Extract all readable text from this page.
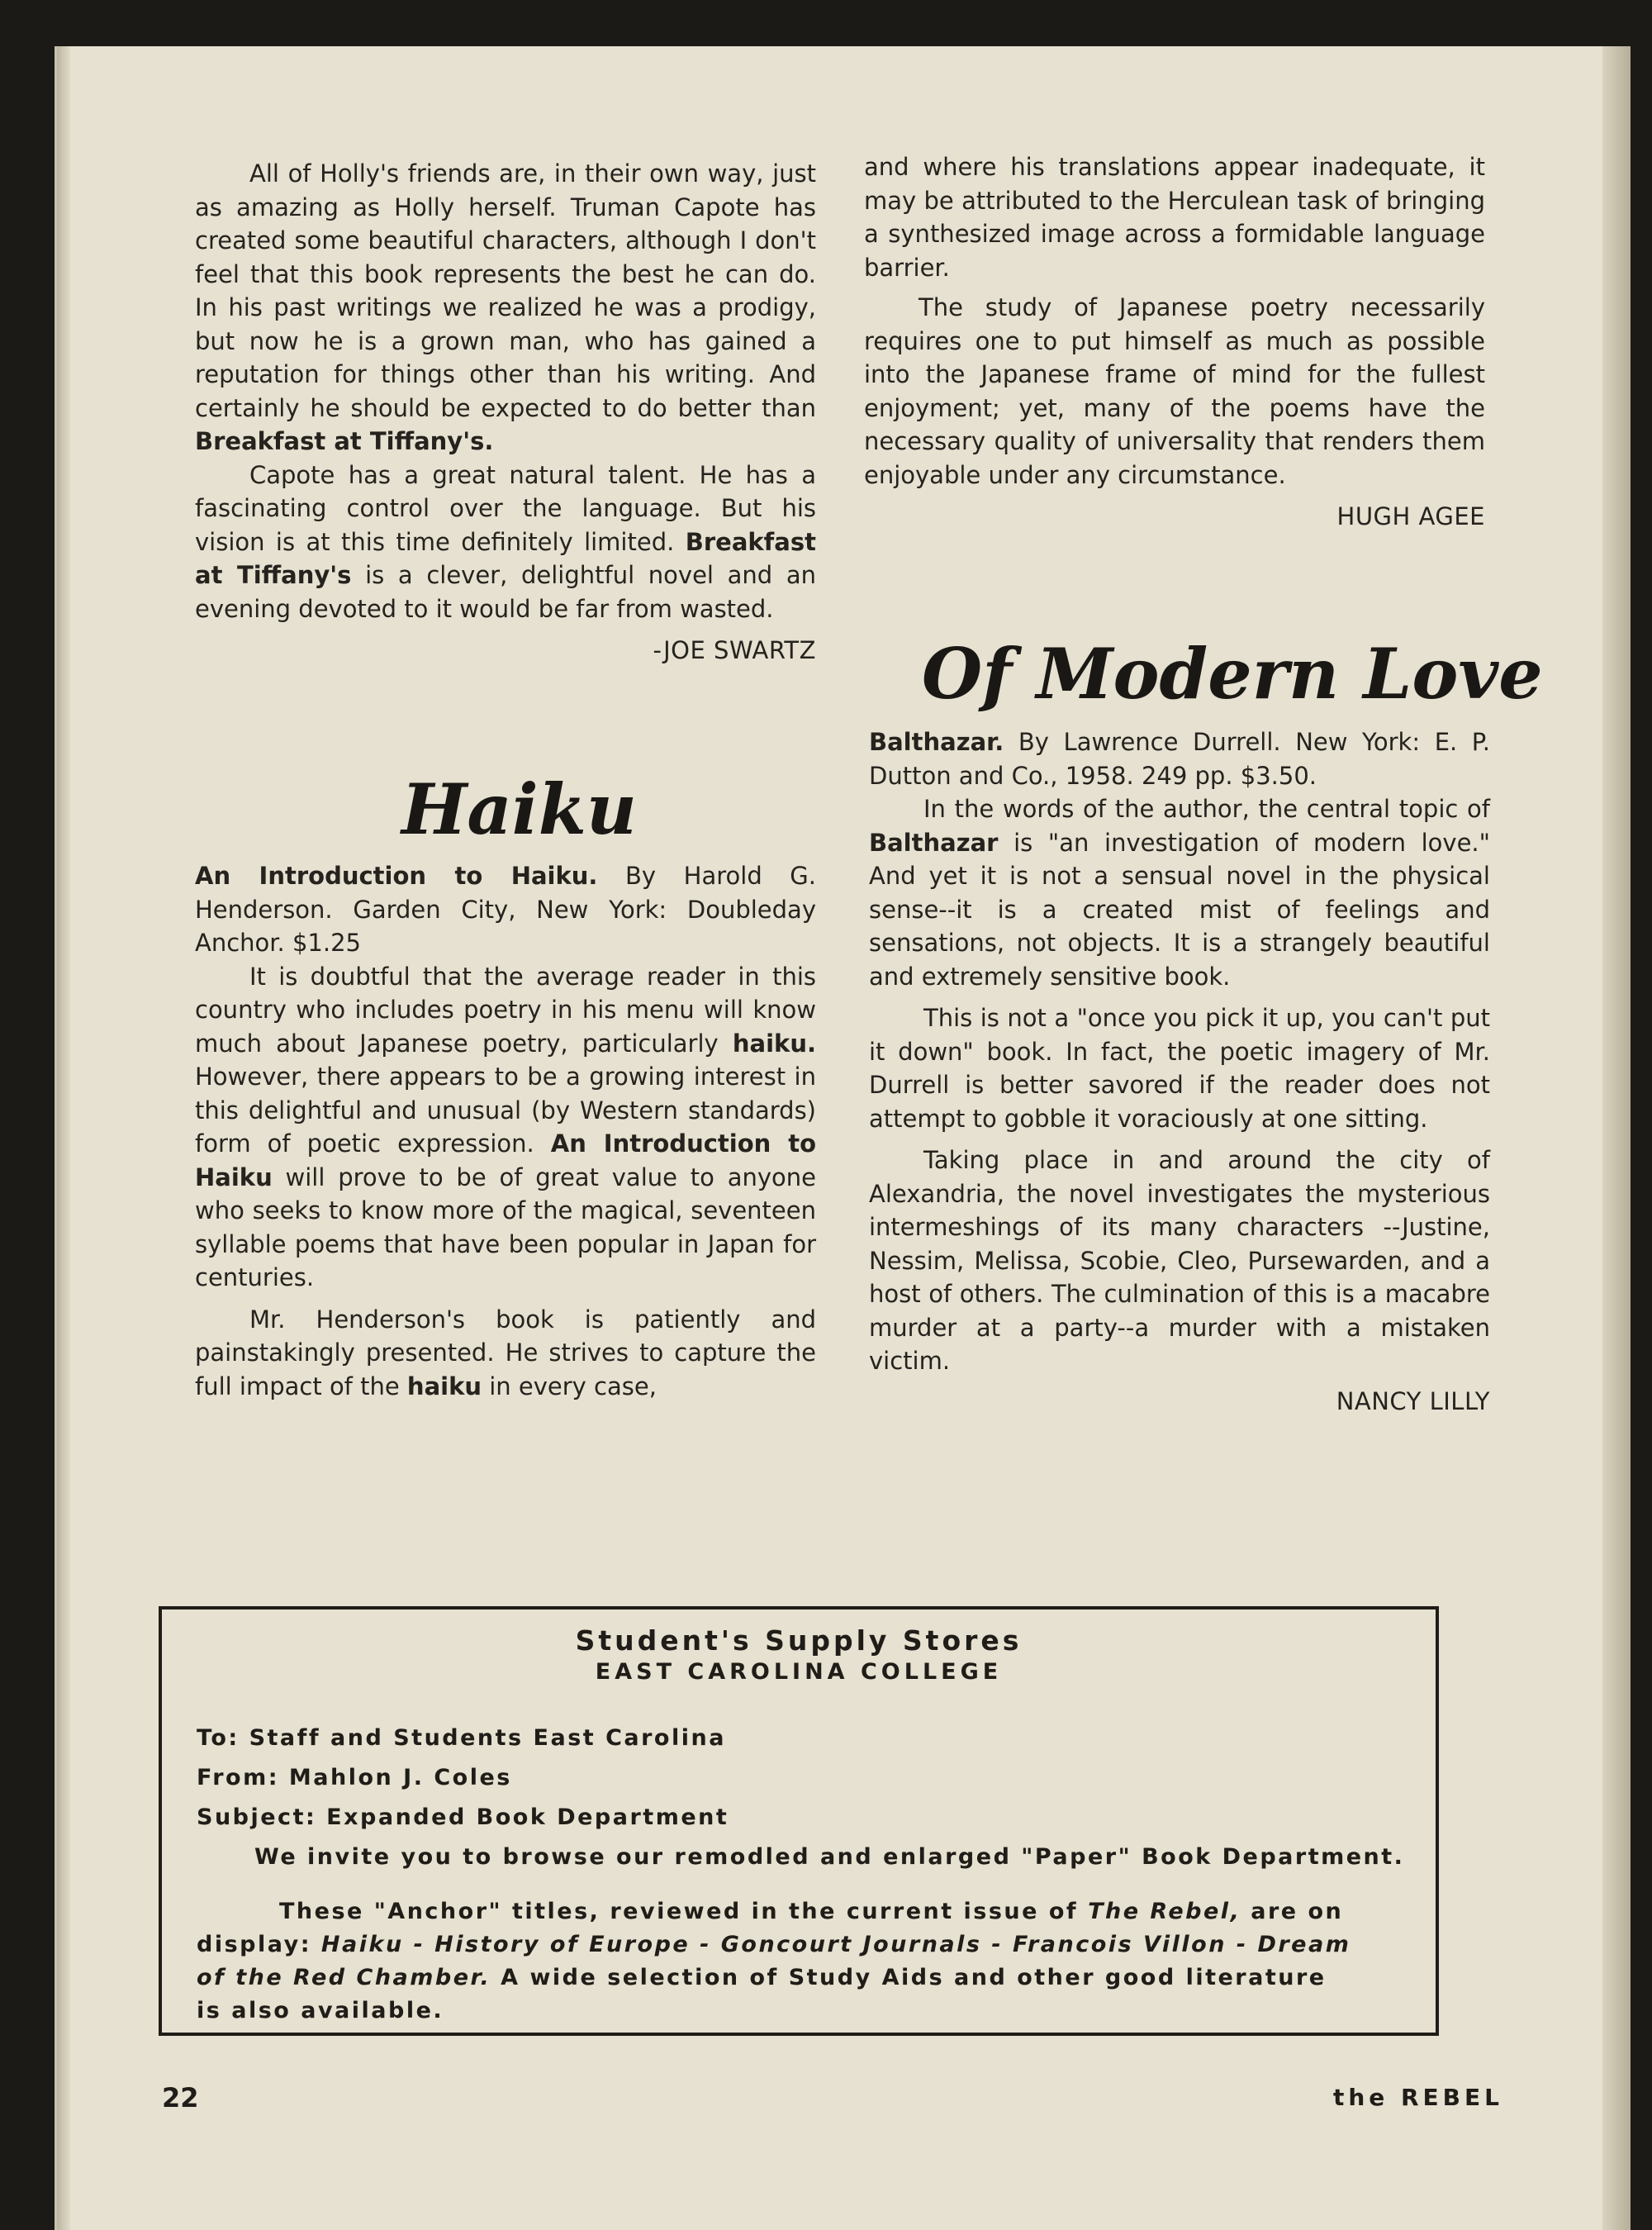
All of Holly's friends are, in their own way, just as amazing as Holly herself. Truman Capote has created some beautiful characters, although I don't feel that this book represents the best he can do. In his past writings we realized he was a prodigy, but now he is a grown man, who has gained a reputation for things other than his writing. And certainly he should be expected to do better than Breakfast at Tiffany's.

Capote has a great natural talent. He has a fascinating control over the language. But his vision is at this time definitely limited. Breakfast at Tiffany's is a clever, delightful novel and an evening devoted to it would be far from wasted.

-JOE SWARTZ
Haiku

An Introduction to Haiku. By Harold G. Henderson. Garden City, New York: Doubleday Anchor. $1.25

It is doubtful that the average reader in this country who includes poetry in his menu will know much about Japanese poetry, particularly haiku. However, there appears to be a growing interest in this delightful and unusual (by Western standards) form of poetic expression. An Introduction to Haiku will prove to be of great value to anyone who seeks to know more of the magical, seventeen syllable poems that have been popular in Japan for centuries.

Mr. Henderson's book is patiently and painstakingly presented. He strives to capture the full impact of the haiku in every case,

and where his translations appear inadequate, it may be attributed to the Herculean task of bringing a synthesized image across a formidable language barrier.

The study of Japanese poetry necessarily requires one to put himself as much as possible into the Japanese frame of mind for the fullest enjoyment; yet, many of the poems have the necessary quality of universality that renders them enjoyable under any circumstance.

HUGH AGEE
Of Modern Love

Balthazar. By Lawrence Durrell. New York: E. P. Dutton and Co., 1958. 249 pp. $3.50.

In the words of the author, the central topic of Balthazar is "an investigation of modern love." And yet it is not a sensual novel in the physical sense--it is a created mist of feelings and sensations, not objects. It is a strangely beautiful and extremely sensitive book.

This is not a "once you pick it up, you can't put it down" book. In fact, the poetic imagery of Mr. Durrell is better savored if the reader does not attempt to gobble it voraciously at one sitting.

Taking place in and around the city of Alexandria, the novel investigates the mysterious intermeshings of its many characters --Justine, Nessim, Melissa, Scobie, Cleo, Pursewarden, and a host of others. The culmination of this is a macabre murder at a party--a murder with a mistaken victim.

NANCY LILLY
Student's Supply Stores
EAST CAROLINA COLLEGE
To: Staff and Students East Carolina
From: Mahlon J. Coles
Subject: Expanded Book Department
We invite you to browse our remodled and enlarged "Paper" Book Department.
These "Anchor" titles, reviewed in the current issue of The Rebel, are on display: Haiku - History of Europe - Goncourt Journals - Francois Villon - Dream of the Red Chamber. A wide selection of Study Aids and other good literature is also available.
22	the REBEL
